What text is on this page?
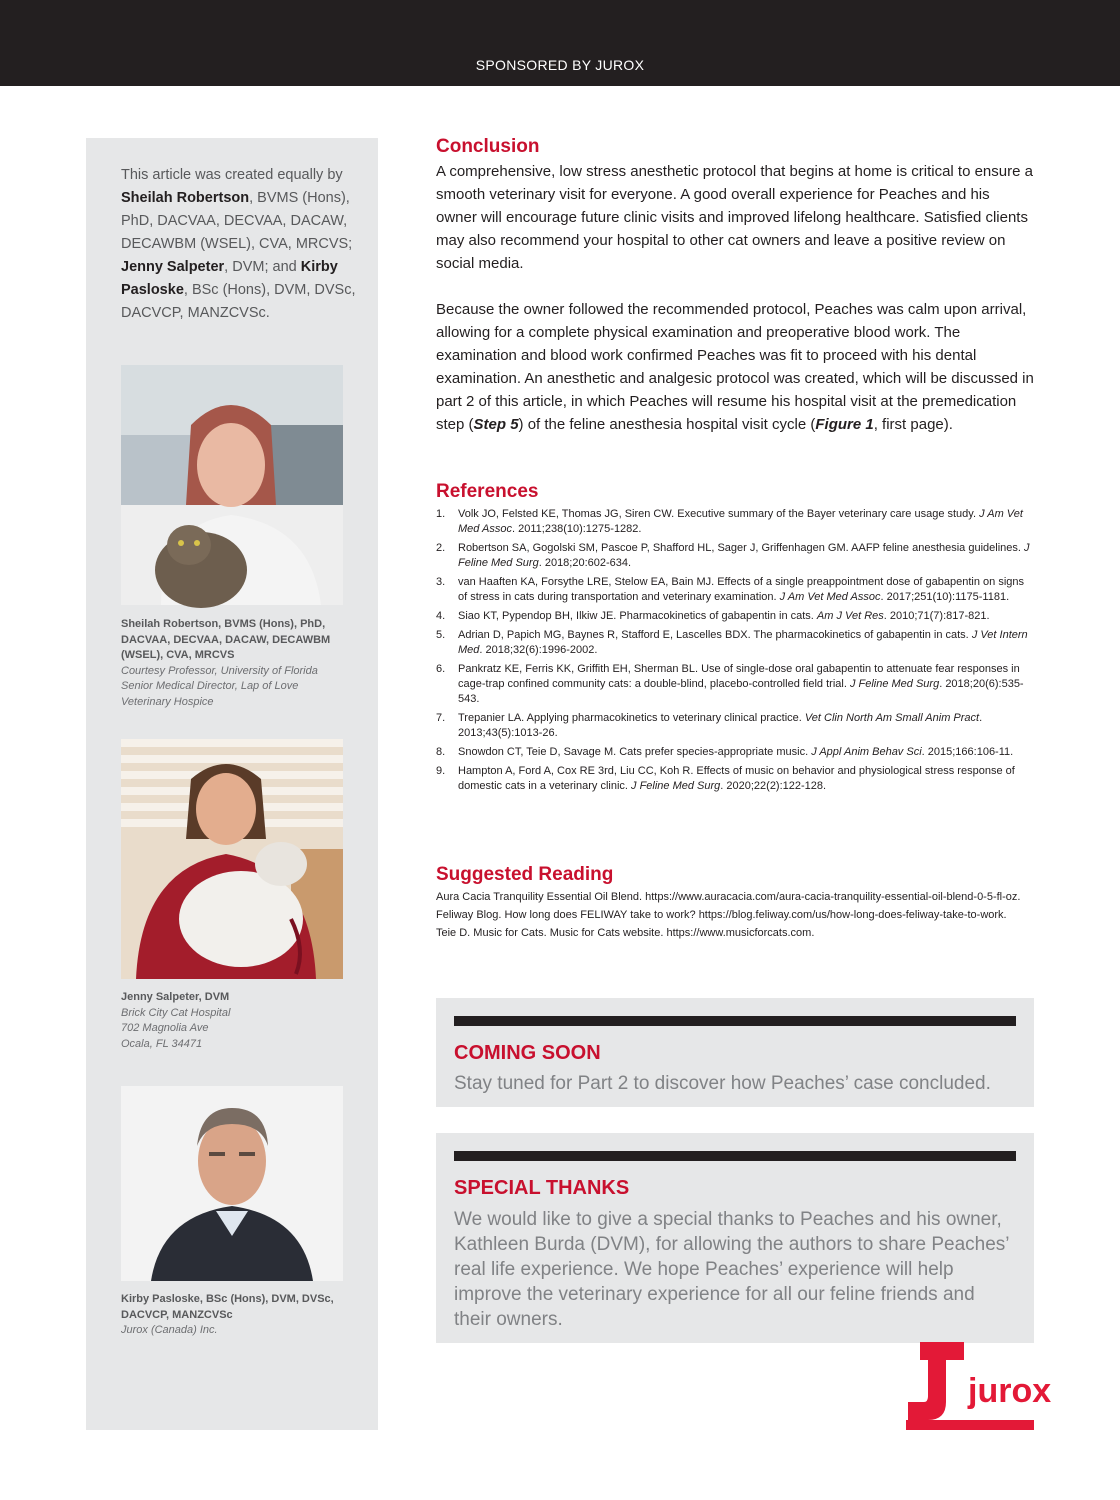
SPONSORED BY JUROX
This article was created equally by Sheilah Robertson, BVMS (Hons), PhD, DACVAA, DECVAA, DACAW, DECAWBM (WSEL), CVA, MRCVS; Jenny Salpeter, DVM; and Kirby Pasloske, BSc (Hons), DVM, DVSc, DACVCP, MANZCVSc.
Sheilah Robertson, BVMS (Hons), PhD, DACVAA, DECVAA, DACAW, DECAWBM (WSEL), CVA, MRCVS
Courtesy Professor, University of Florida
Senior Medical Director, Lap of Love
Veterinary Hospice
Jenny Salpeter, DVM
Brick City Cat Hospital
702 Magnolia Ave
Ocala, FL 34471
Kirby Pasloske, BSc (Hons), DVM, DVSc, DACVCP, MANZCVSc
Jurox (Canada) Inc.
Conclusion

A comprehensive, low stress anesthetic protocol that begins at home is critical to ensure a smooth veterinary visit for everyone. A good overall experience for Peaches and his owner will encourage future clinic visits and improved lifelong healthcare. Satisfied clients may also recommend your hospital to other cat owners and leave a positive review on social media.

Because the owner followed the recommended protocol, Peaches was calm upon arrival, allowing for a complete physical examination and preoperative blood work. The examination and blood work confirmed Peaches was fit to proceed with his dental examination. An anesthetic and analgesic protocol was created, which will be discussed in part 2 of this article, in which Peaches will resume his hospital visit at the premedication step (Step 5) of the feline anesthesia hospital visit cycle (Figure 1, first page).

References
1. Volk JO, Felsted KE, Thomas JG, Siren CW. Executive summary of the Bayer veterinary care usage study. J Am Vet Med Assoc. 2011;238(10):1275-1282.
2. Robertson SA, Gogolski SM, Pascoe P, Shafford HL, Sager J, Griffenhagen GM. AAFP feline anesthesia guidelines. J Feline Med Surg. 2018;20:602-634.
3. van Haaften KA, Forsythe LRE, Stelow EA, Bain MJ. Effects of a single preappointment dose of gabapentin on signs of stress in cats during transportation and veterinary examination. J Am Vet Med Assoc. 2017;251(10):1175-1181.
4. Siao KT, Pypendop BH, Ilkiw JE. Pharmacokinetics of gabapentin in cats. Am J Vet Res. 2010;71(7):817-821.
5. Adrian D, Papich MG, Baynes R, Stafford E, Lascelles BDX. The pharmacokinetics of gabapentin in cats. J Vet Intern Med. 2018;32(6):1996-2002.
6. Pankratz KE, Ferris KK, Griffith EH, Sherman BL. Use of single-dose oral gabapentin to attenuate fear responses in cage-trap confined community cats: a double-blind, placebo-controlled field trial. J Feline Med Surg. 2018;20(6):535-543.
7. Trepanier LA. Applying pharmacokinetics to veterinary clinical practice. Vet Clin North Am Small Anim Pract. 2013;43(5):1013-26.
8. Snowdon CT, Teie D, Savage M. Cats prefer species-appropriate music. J Appl Anim Behav Sci. 2015;166:106-11.
9. Hampton A, Ford A, Cox RE 3rd, Liu CC, Koh R. Effects of music on behavior and physiological stress response of domestic cats in a veterinary clinic. J Feline Med Surg. 2020;22(2):122-128.
Suggested Reading
Aura Cacia Tranquility Essential Oil Blend. https://www.auracacia.com/aura-cacia-tranquility-essential-oil-blend-0-5-fl-oz.
Feliway Blog. How long does FELIWAY take to work? https://blog.feliway.com/us/how-long-does-feliway-take-to-work.
Teie D. Music for Cats. Music for Cats website. https://www.musicforcats.com.
COMING SOON
Stay tuned for Part 2 to discover how Peaches’ case concluded.
SPECIAL THANKS
We would like to give a special thanks to Peaches and his owner, Kathleen Burda (DVM), for allowing the authors to share Peaches’ real life experience. We hope Peaches’ experience will help improve the veterinary experience for all our feline friends and their owners.
jurox
